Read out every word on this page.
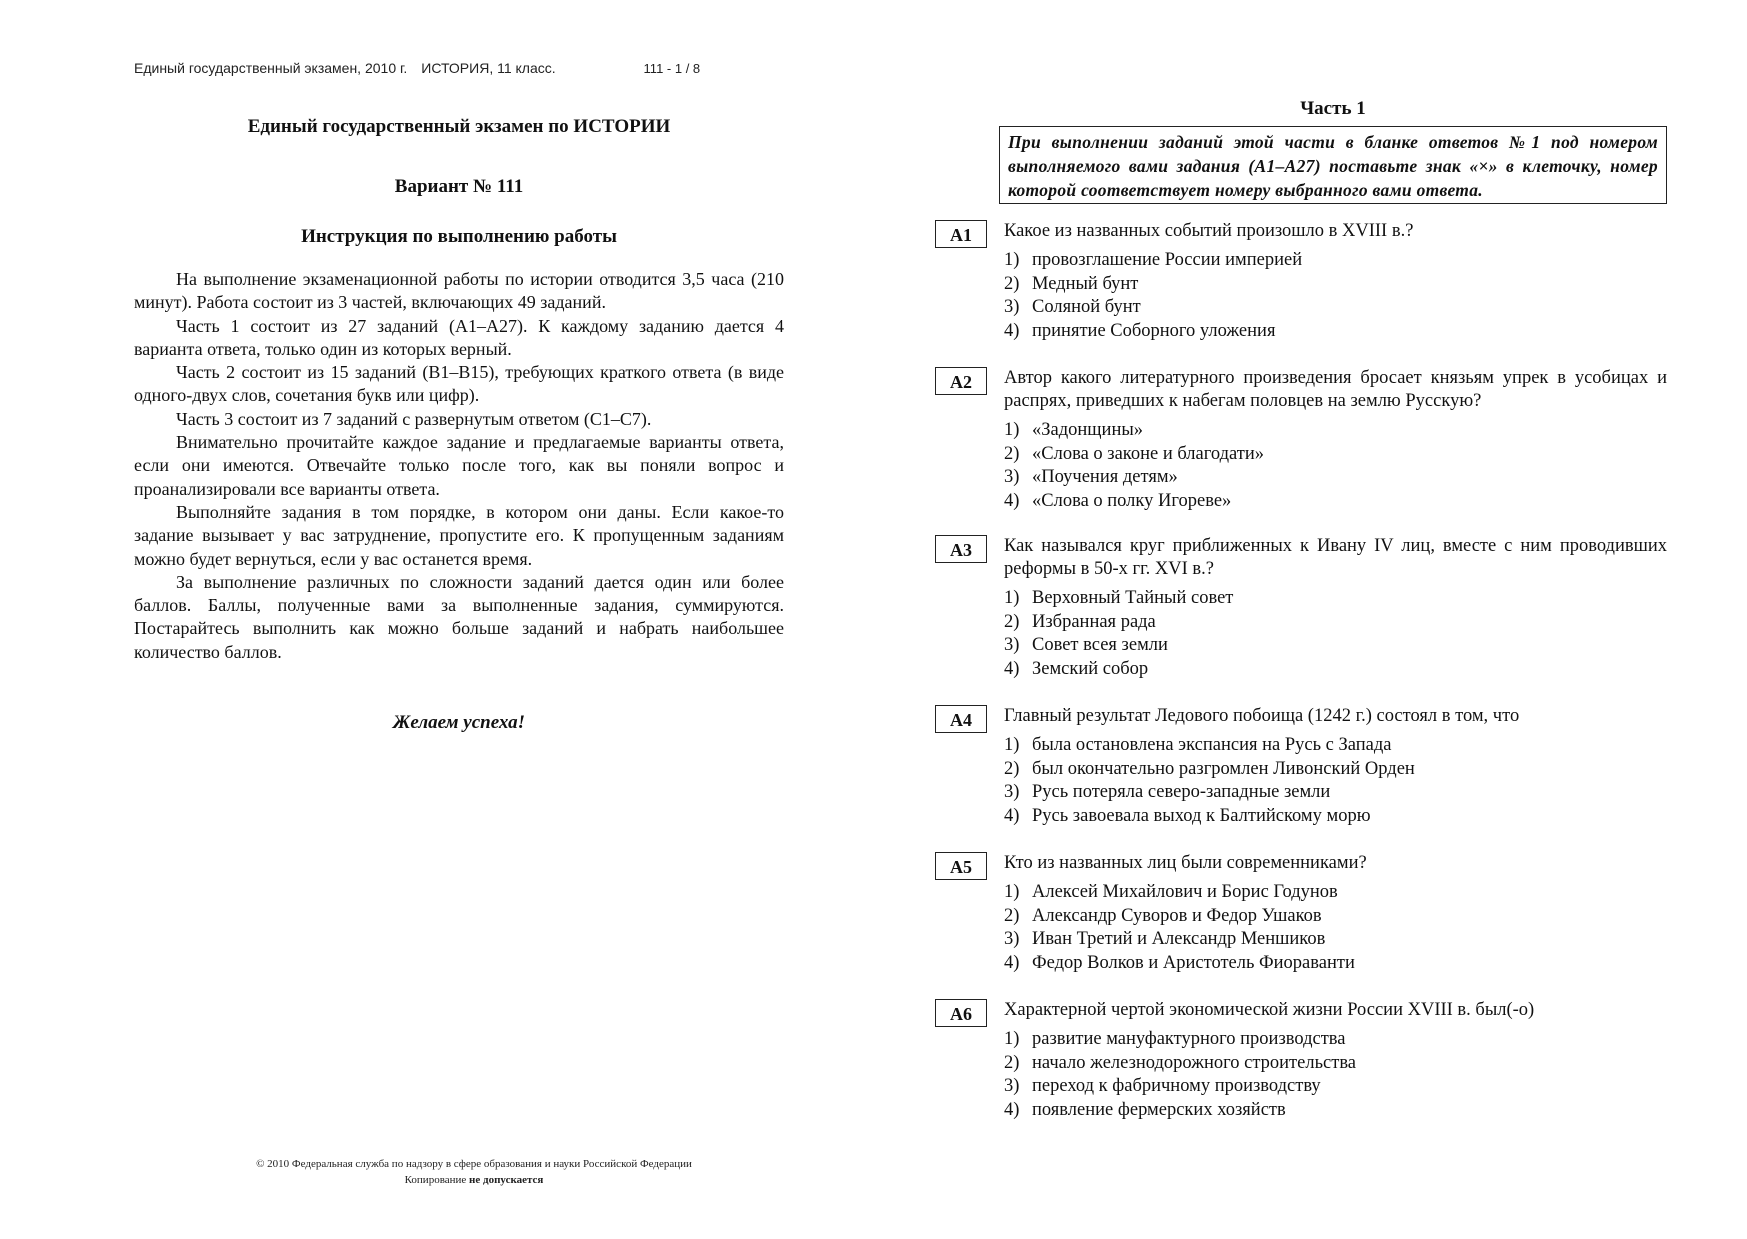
Единый государственный экзамен, 2010 г. ИСТОРИЯ, 11 класс.	111 - 1 / 8
Единый государственный экзамен по ИСТОРИИ
Вариант № 111
Инструкция по выполнению работы

На выполнение экзаменационной работы по истории отводится 3,5 часа (210 минут). Работа состоит из 3 частей, включающих 49 заданий.

Часть 1 состоит из 27 заданий (А1–А27). К каждому заданию дается 4 варианта ответа, только один из которых верный.

Часть 2 состоит из 15 заданий (В1–В15), требующих краткого ответа (в виде одного-двух слов, сочетания букв или цифр).

Часть 3 состоит из 7 заданий с развернутым ответом (С1–С7).

Внимательно прочитайте каждое задание и предлагаемые варианты ответа, если они имеются. Отвечайте только после того, как вы поняли вопрос и проанализировали все варианты ответа.

Выполняйте задания в том порядке, в котором они даны. Если какое-то задание вызывает у вас затруднение, пропустите его. К пропущенным заданиям можно будет вернуться, если у вас останется время.

За выполнение различных по сложности заданий дается один или более баллов. Баллы, полученные вами за выполненные задания, суммируются. Постарайтесь выполнить как можно больше заданий и набрать наибольшее количество баллов.

Желаем успеха!
© 2010 Федеральная служба по надзору в сфере образования и науки Российской Федерации
Копирование не допускается
Часть 1
При выполнении заданий этой части в бланке ответов №1 под номером выполняемого вами задания (А1–А27) поставьте знак «×» в клеточку, номер которой соответствует номеру выбранного вами ответа.
А1	Какое из названных событий произошло в XVIII в.?
1) провозглашение России империей
2) Медный бунт
3) Соляной бунт
4) принятие Соборного уложения
А2	Автор какого литературного произведения бросает князьям упрек в усобицах и распрях, приведших к набегам половцев на землю Русскую?
1) «Задонщины»
2) «Слова о законе и благодати»
3) «Поучения детям»
4) «Слова о полку Игореве»
А3	Как назывался круг приближенных к Ивану IV лиц, вместе с ним проводивших реформы в 50-х гг. XVI в.?
1) Верховный Тайный совет
2) Избранная рада
3) Совет всея земли
4) Земский собор
А4	Главный результат Ледового побоища (1242 г.) состоял в том, что
1) была остановлена экспансия на Русь с Запада
2) был окончательно разгромлен Ливонский Орден
3) Русь потеряла северо-западные земли
4) Русь завоевала выход к Балтийскому морю
А5	Кто из названных лиц были современниками?
1) Алексей Михайлович и Борис Годунов
2) Александр Суворов и Федор Ушаков
3) Иван Третий и Александр Меншиков
4) Федор Волков и Аристотель Фиораванти
А6	Характерной чертой экономической жизни России XVIII в. был(-о)
1) развитие мануфактурного производства
2) начало железнодорожного строительства
3) переход к фабричному производству
4) появление фермерских хозяйств
